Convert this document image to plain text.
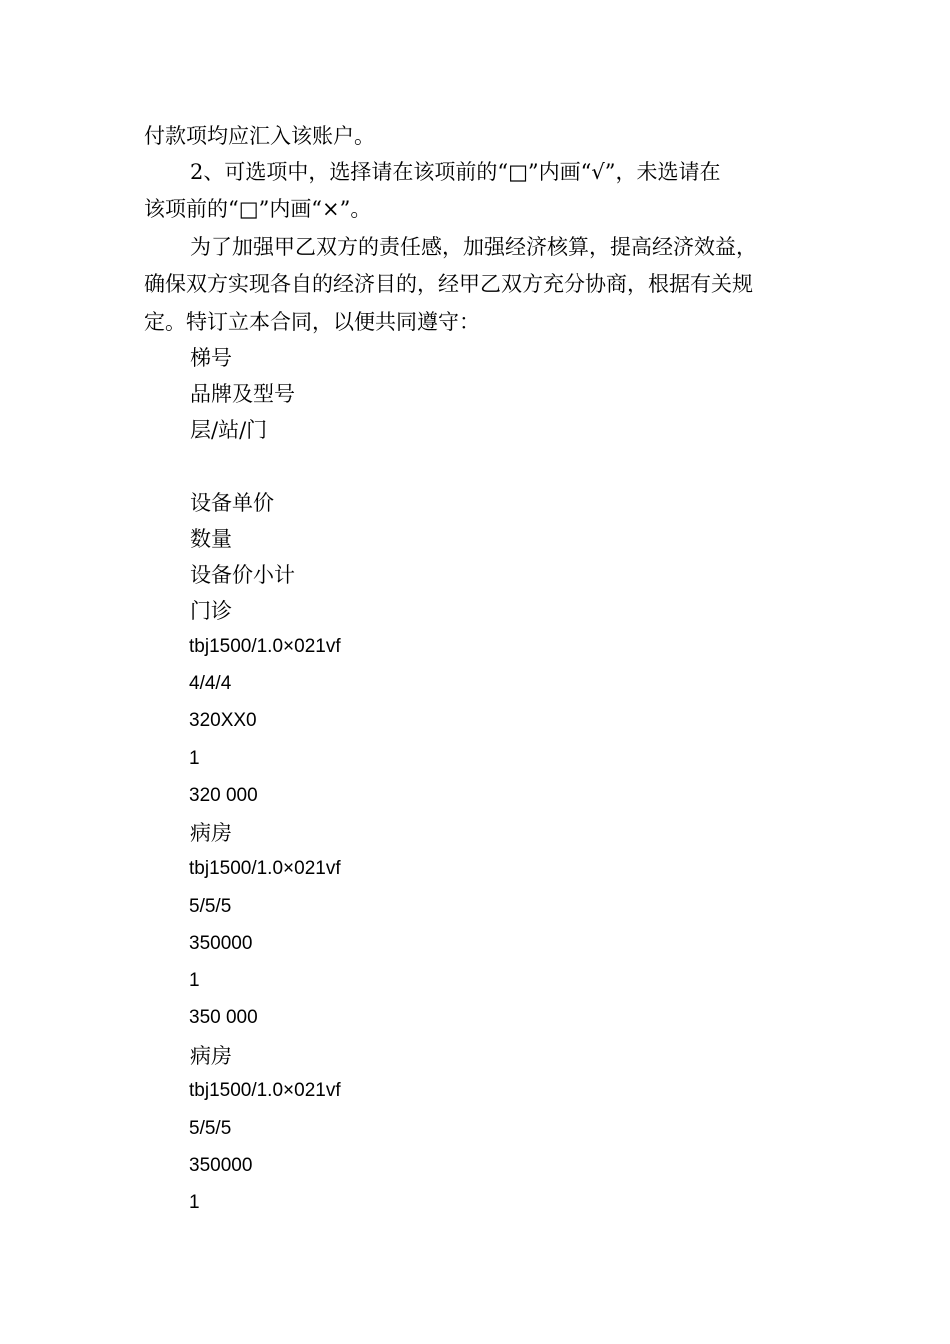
付款项均应汇入该账户。
2、可选项中，选择请在该项前的“□”内画“√”，未选请在
该项前的“□”内画“×”。
为了加强甲乙双方的责任感，加强经济核算，提高经济效益，
确保双方实现各自的经济目的，经甲乙双方充分协商，根据有关规
定。特订立本合同，以便共同遵守：
梯号
品牌及型号
层/站/门
设备单价
数量
设备价小计
门诊
tbj1500/1.0×021vf
4/4/4
320XX0
1
320 000
病房
tbj1500/1.0×021vf
5/5/5
350000
1
350 000
病房
tbj1500/1.0×021vf
5/5/5
350000
1
